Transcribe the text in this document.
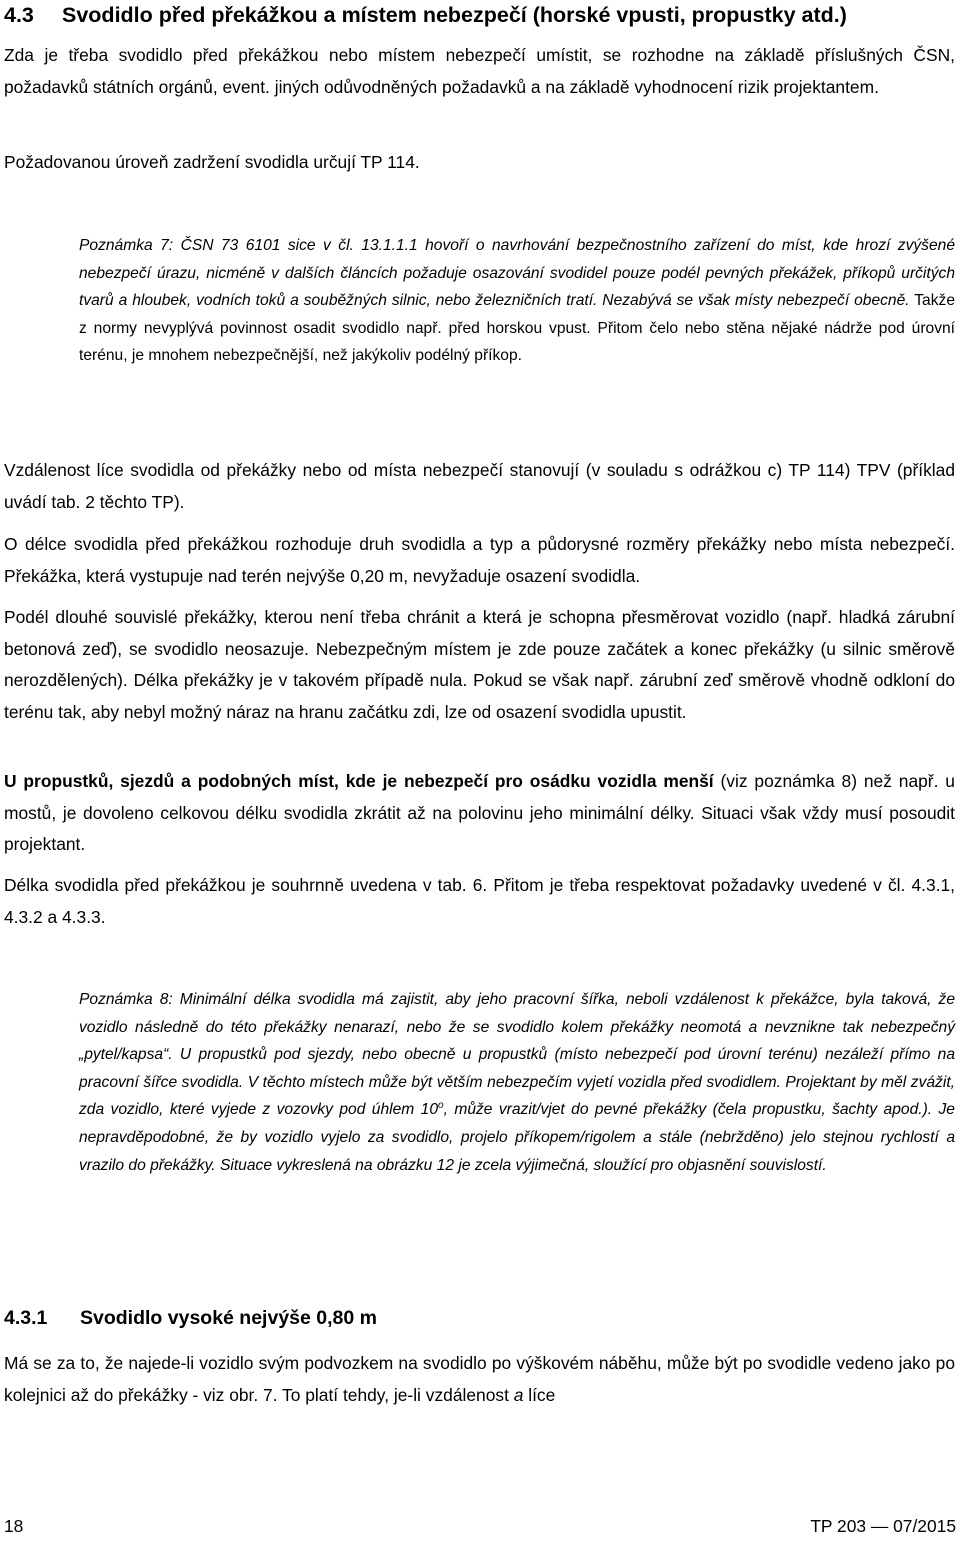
4.3 Svodidlo před překážkou a místem nebezpečí (horské vpusti, propustky atd.)
Zda je třeba svodidlo před překážkou nebo místem nebezpečí umístit, se rozhodne na základě příslušných ČSN, požadavků státních orgánů, event. jiných odůvodněných požadavků a na základě vyhodnocení rizik projektantem.
Požadovanou úroveň zadržení svodidla určují TP 114.
Poznámka 7: ČSN 73 6101 sice v čl. 13.1.1.1 hovoří o navrhování bezpečnostního zařízení do míst, kde hrozí zvýšené nebezpečí úrazu, nicméně v dalších článcích požaduje osazování svodidel pouze podél pevných překážek, příkopů určitých tvarů a hloubek, vodních toků a souběžných silnic, nebo železničních tratí. Nezabývá se však místy nebezpečí obecně. Takže z normy nevyplývá povinnost osadit svodidlo např. před horskou vpust. Přitom čelo nebo stěna nějaké nádrže pod úrovní terénu, je mnohem nebezpečnější, než jakýkoliv podélný příkop.
Vzdálenost líce svodidla od překážky nebo od místa nebezpečí stanovují (v souladu s odrážkou c) TP 114) TPV (příklad uvádí tab. 2 těchto TP).
O délce svodidla před překážkou rozhoduje druh svodidla a typ a půdorysné rozměry překážky nebo místa nebezpečí. Překážka, která vystupuje nad terén nejvýše 0,20 m, nevyžaduje osazení svodidla.
Podél dlouhé souvislé překážky, kterou není třeba chránit a která je schopna přesměrovat vozidlo (např. hladká zárubní betonová zeď), se svodidlo neosazuje. Nebezpečným místem je zde pouze začátek a konec překážky (u silnic směrově nerozdělených). Délka překážky je v takovém případě nula. Pokud se však např. zárubní zeď směrově vhodně odkloní do terénu tak, aby nebyl možný náraz na hranu začátku zdi, lze od osazení svodidla upustit.
U propustků, sjezdů a podobných míst, kde je nebezpečí pro osádku vozidla menší (viz poznámka 8) než např. u mostů, je dovoleno celkovou délku svodidla zkrátit až na polovinu jeho minimální délky. Situaci však vždy musí posoudit projektant.
Délka svodidla před překážkou je souhrnně uvedena v tab. 6. Přitom je třeba respektovat požadavky uvedené v čl. 4.3.1, 4.3.2 a 4.3.3.
Poznámka 8: Minimální délka svodidla má zajistit, aby jeho pracovní šířka, neboli vzdálenost k překážce, byla taková, že vozidlo následně do této překážky nenarazí, nebo že se svodidlo kolem překážky neomotá a nevznikne tak nebezpečný „pytel/kapsa“. U propustků pod sjezdy, nebo obecně u propustků (místo nebezpečí pod úrovní terénu) nezáleží přímo na pracovní šířce svodidla. V těchto místech může být větším nebezpečím vyjetí vozidla před svodidlem. Projektant by měl zvážit, zda vozidlo, které vyjede z vozovky pod úhlem 10$^o$, může vrazit/vjet do pevné překážky (čela propustku, šachty apod.). Je nepravděpodobné, že by vozidlo vyjelo za svodidlo, projelo příkopem/rigolem a stále (nebržděno) jelo stejnou rychlostí a vrazilo do překážky. Situace vykreslená na obrázku 12 je zcela výjimečná, sloužící pro objasnění souvislostí.
4.3.1 Svodidlo vysoké nejvýše 0,80 m
Má se za to, že najede-li vozidlo svým podvozkem na svodidlo po výškovém náběhu, může být po svodidle vedeno jako po kolejnici až do překážky - viz obr. 7. To platí tehdy, je-li vzdálenost a líce
18	TP 203 — 07/2015
